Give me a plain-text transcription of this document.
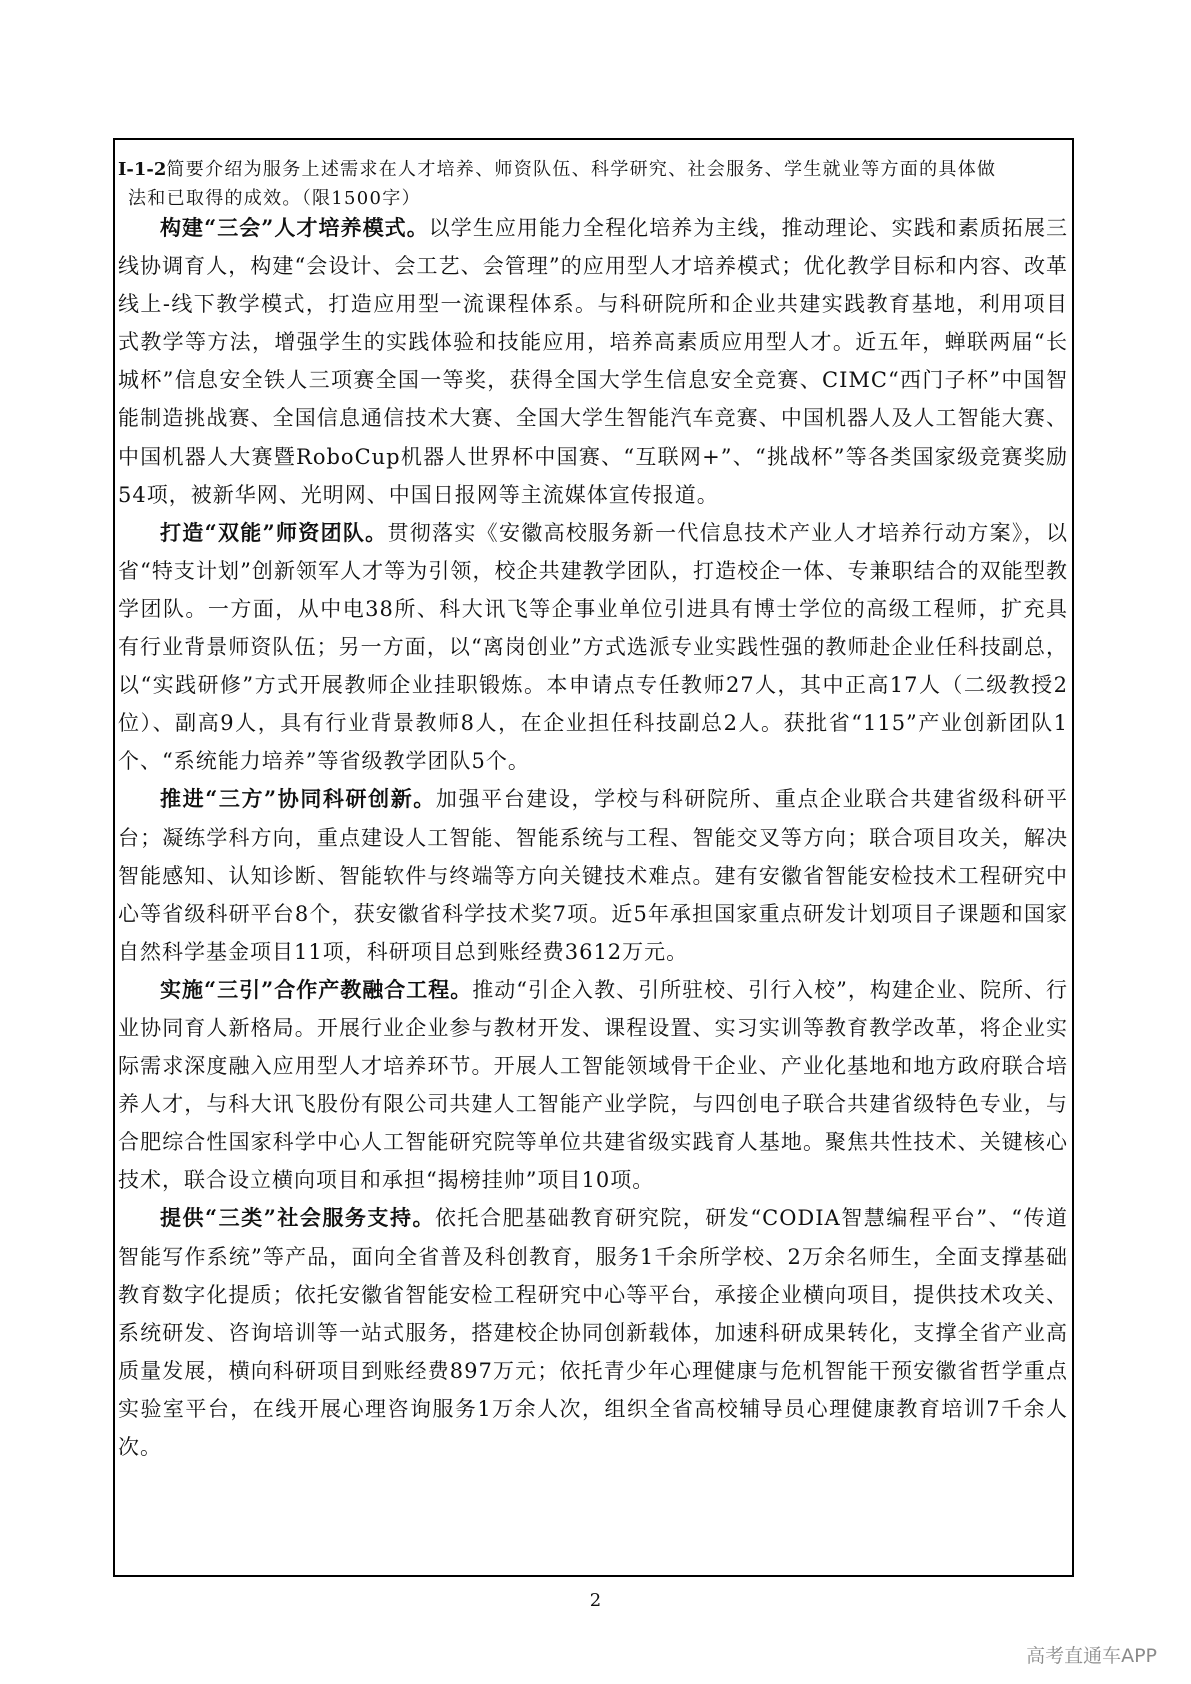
I-1-2简要介绍为服务上述需求在人才培养、师资队伍、科学研究、社会服务、学生就业等方面的具体做
法和已取得的成效。（限1500字）

构建“三会”人才培养模式。以学生应用能力全程化培养为主线，推动理论、实践和素质拓展三线协调育人，构建“会设计、会工艺、会管理”的应用型人才培养模式；优化教学目标和内容、改革线上-线下教学模式，打造应用型一流课程体系。与科研院所和企业共建实践教育基地，利用项目式教学等方法，增强学生的实践体验和技能应用，培养高素质应用型人才。近五年，蝉联两届“长城杯”信息安全铁人三项赛全国一等奖，获得全国大学生信息安全竞赛、CIMC“西门子杯”中国智能制造挑战赛、全国信息通信技术大赛、全国大学生智能汽车竞赛、中国机器人及人工智能大赛、中国机器人大赛暨RoboCup机器人世界杯中国赛、“互联网+”、“挑战杯”等各类国家级竞赛奖励54项，被新华网、光明网、中国日报网等主流媒体宣传报道。

打造“双能”师资团队。贯彻落实《安徽高校服务新一代信息技术产业人才培养行动方案》，以省“特支计划”创新领军人才等为引领，校企共建教学团队，打造校企一体、专兼职结合的双能型教学团队。一方面，从中电38所、科大讯飞等企事业单位引进具有博士学位的高级工程师，扩充具有行业背景师资队伍；另一方面，以“离岗创业”方式选派专业实践性强的教师赴企业任科技副总，以“实践研修”方式开展教师企业挂职锻炼。本申请点专任教师27人，其中正高17人（二级教授2位）、副高9人，具有行业背景教师8人，在企业担任科技副总2人。获批省“115”产业创新团队1个、“系统能力培养”等省级教学团队5个。

推进“三方”协同科研创新。加强平台建设，学校与科研院所、重点企业联合共建省级科研平台；凝练学科方向，重点建设人工智能、智能系统与工程、智能交叉等方向；联合项目攻关，解决智能感知、认知诊断、智能软件与终端等方向关键技术难点。建有安徽省智能安检技术工程研究中心等省级科研平台8个，获安徽省科学技术奖7项。近5年承担国家重点研发计划项目子课题和国家自然科学基金项目11项，科研项目总到账经费3612万元。

实施“三引”合作产教融合工程。推动“引企入教、引所驻校、引行入校”，构建企业、院所、行业协同育人新格局。开展行业企业参与教材开发、课程设置、实习实训等教育教学改革，将企业实际需求深度融入应用型人才培养环节。开展人工智能领域骨干企业、产业化基地和地方政府联合培养人才，与科大讯飞股份有限公司共建人工智能产业学院，与四创电子联合共建省级特色专业，与合肥综合性国家科学中心人工智能研究院等单位共建省级实践育人基地。聚焦共性技术、关键核心技术，联合设立横向项目和承担“揭榜挂帅”项目10项。

提供“三类”社会服务支持。依托合肥基础教育研究院，研发“CODIA智慧编程平台”、“传道智能写作系统”等产品，面向全省普及科创教育，服务1千余所学校、2万余名师生，全面支撑基础教育数字化提质；依托安徽省智能安检工程研究中心等平台，承接企业横向项目，提供技术攻关、系统研发、咨询培训等一站式服务，搭建校企协同创新载体，加速科研成果转化，支撑全省产业高质量发展，横向科研项目到账经费897万元；依托青少年心理健康与危机智能干预安徽省哲学重点实验室平台，在线开展心理咨询服务1万余人次，组织全省高校辅导员心理健康教育培训7千余人次。

2
高考直通车APP
